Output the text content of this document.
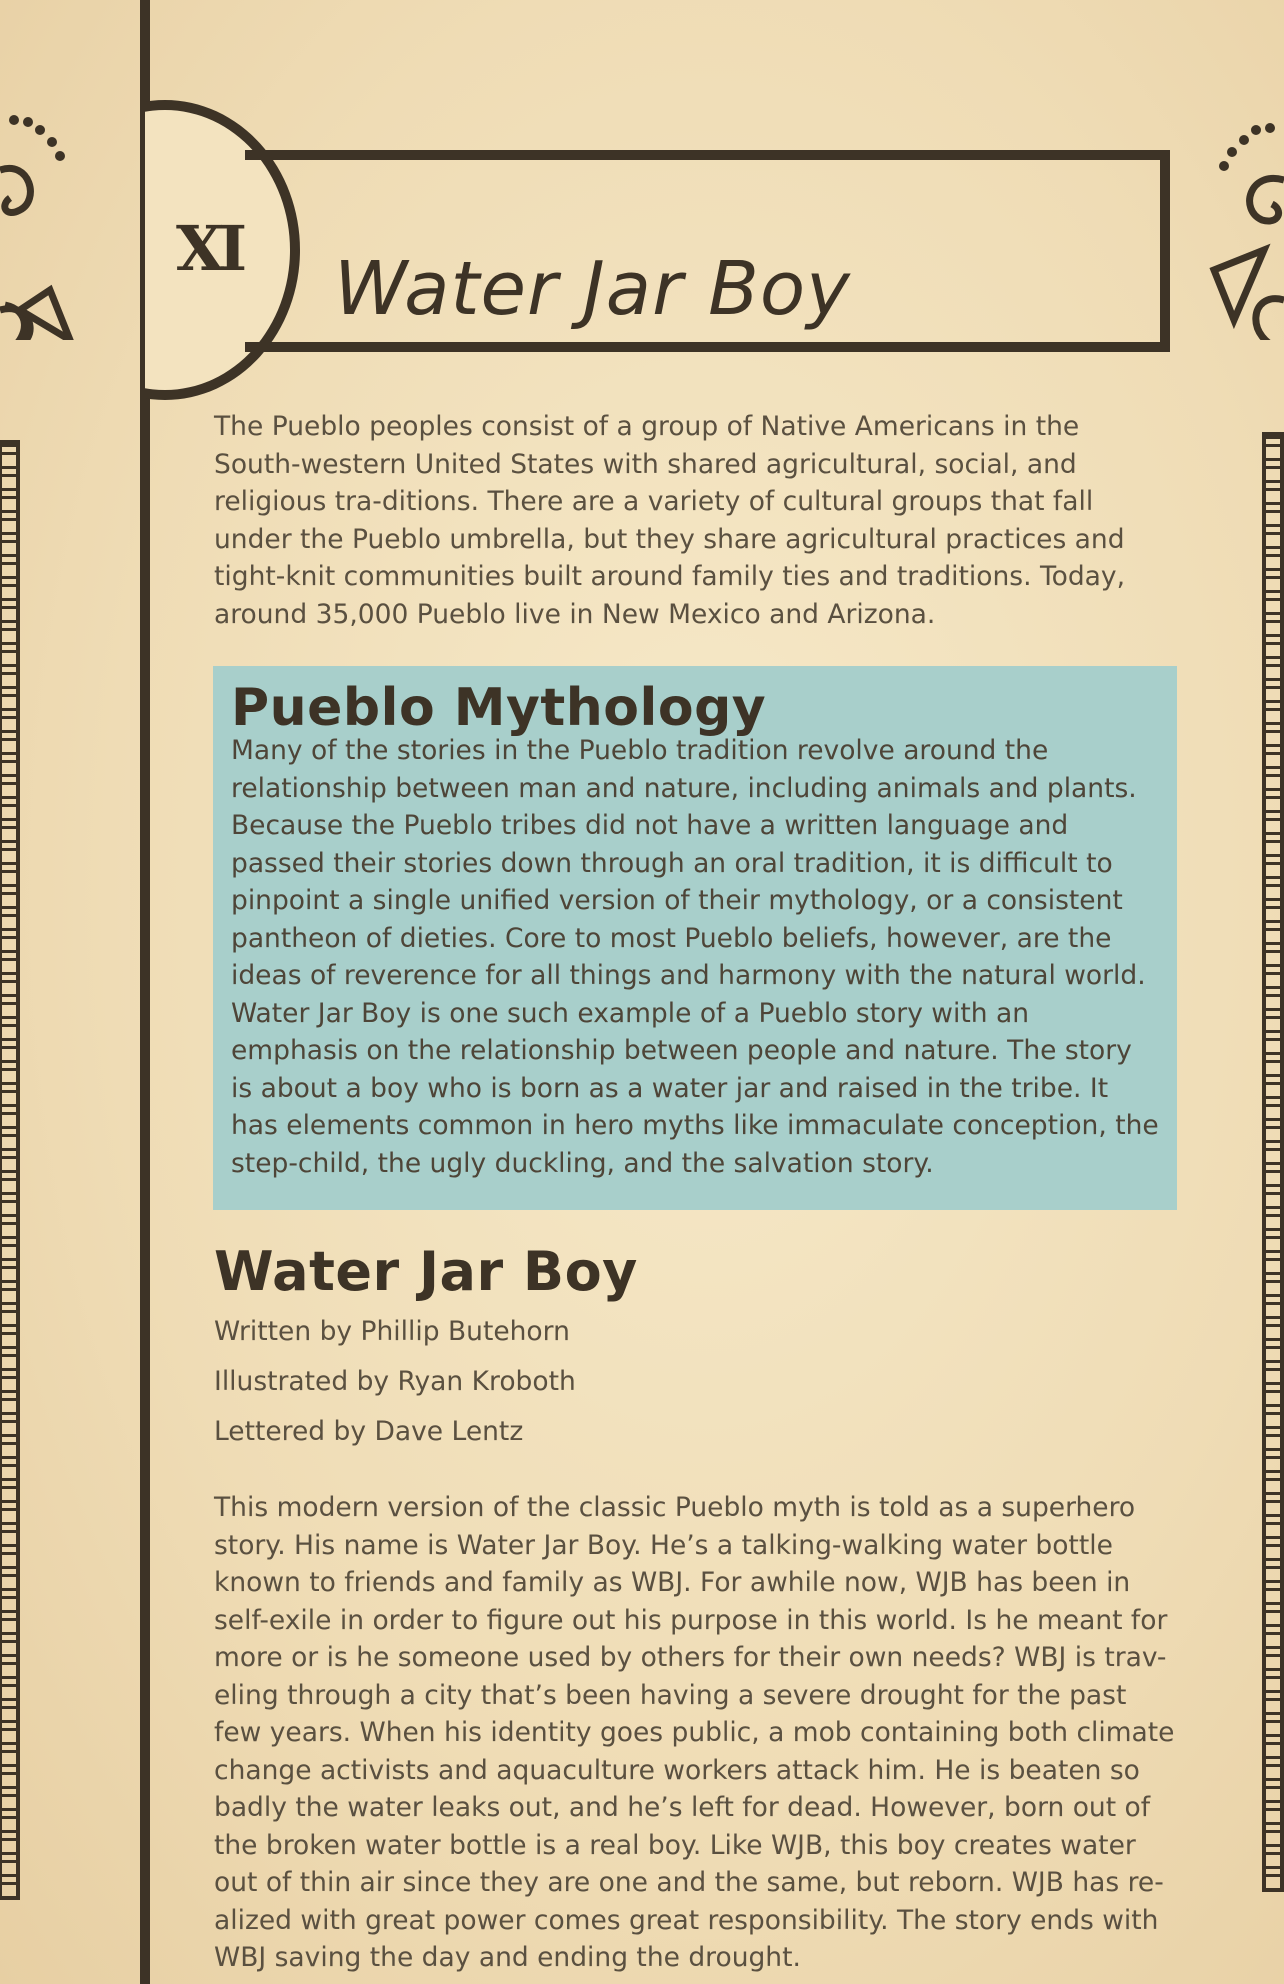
XI Water Jar Boy

The Pueblo peoples consist of a group of Native Americans in the South-western United States with shared agricultural, social, and religious tra-ditions. There are a variety of cultural groups that fall under the Pueblo umbrella, but they share agricultural practices and tight-knit communities built around family ties and traditions. Today, around 35,000 Pueblo live in New Mexico and Arizona.

Pueblo Mythology

Many of the stories in the Pueblo tradition revolve around the relationship between man and nature, including animals and plants. Because the Pueblo tribes did not have a written language and passed their stories down through an oral tradition, it is difficult to pinpoint a single unified version of their mythology, or a consistent pantheon of dieties. Core to most Pueblo beliefs, however, are the ideas of reverence for all things and harmony with the natural world.

Water Jar Boy is one such example of a Pueblo story with an emphasis on the relationship between people and nature. The story is about a boy who is born as a water jar and raised in the tribe. It has elements common in hero myths like immaculate conception, the step-child, the ugly duckling, and the salvation story.

Water Jar Boy

Written by Phillip Butehorn

Illustrated by Ryan Kroboth

Lettered by Dave Lentz

This modern version of the classic Pueblo myth is told as a superhero story. His name is Water Jar Boy. He’s a talking-walking water bottle known to friends and family as WBJ. For awhile now, WJB has been in self-exile in order to figure out his purpose in this world. Is he meant for more or is he someone used by others for their own needs? WBJ is trav-eling through a city that’s been having a severe drought for the past few years. When his identity goes public, a mob containing both climate change activists and aquaculture workers attack him. He is beaten so badly the water leaks out, and he’s left for dead. However, born out of the broken water bottle is a real boy. Like WJB, this boy creates water out of thin air since they are one and the same, but reborn. WJB has re-alized with great power comes great responsibility. The story ends with WBJ saving the day and ending the drought.
